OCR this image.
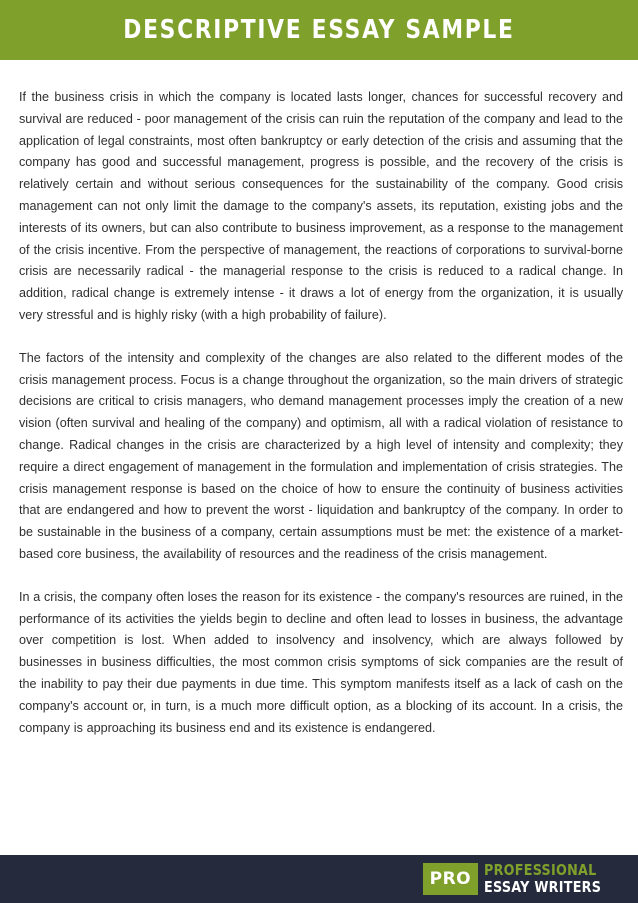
DESCRIPTIVE ESSAY SAMPLE

If the business crisis in which the company is located lasts longer, chances for successful recovery and survival are reduced - poor management of the crisis can ruin the reputation of the company and lead to the application of legal constraints, most often bankruptcy or early detection of the crisis and assuming that the company has good and successful management, progress is possible, and the recovery of the crisis is relatively certain and without serious consequences for the sustainability of the company. Good crisis management can not only limit the damage to the company's assets, its reputation, existing jobs and the interests of its owners, but can also contribute to business improvement, as a response to the management of the crisis incentive. From the perspective of management, the reactions of corporations to survival-borne crisis are necessarily radical - the managerial response to the crisis is reduced to a radical change. In addition, radical change is extremely intense - it draws a lot of energy from the organization, it is usually very stressful and is highly risky (with a high probability of failure).

The factors of the intensity and complexity of the changes are also related to the different modes of the crisis management process. Focus is a change throughout the organization, so the main drivers of strategic decisions are critical to crisis managers, who demand management processes imply the creation of a new vision (often survival and healing of the company) and optimism, all with a radical violation of resistance to change. Radical changes in the crisis are characterized by a high level of intensity and complexity; they require a direct engagement of management in the formulation and implementation of crisis strategies. The crisis management response is based on the choice of how to ensure the continuity of business activities that are endangered and how to prevent the worst - liquidation and bankruptcy of the company. In order to be sustainable in the business of a company, certain assumptions must be met: the existence of a market-based core business, the availability of resources and the readiness of the crisis management.

In a crisis, the company often loses the reason for its existence - the company's resources are ruined, in the performance of its activities the yields begin to decline and often lead to losses in business, the advantage over competition is lost. When added to insolvency and insolvency, which are always followed by businesses in business difficulties, the most common crisis symptoms of sick companies are the result of the inability to pay their due payments in due time. This symptom manifests itself as a lack of cash on the company's account or, in turn, is a much more difficult option, as a blocking of its account. In a crisis, the company is approaching its business end and its existence is endangered.

PRO PROFESSIONAL
ESSAY WRITERS
